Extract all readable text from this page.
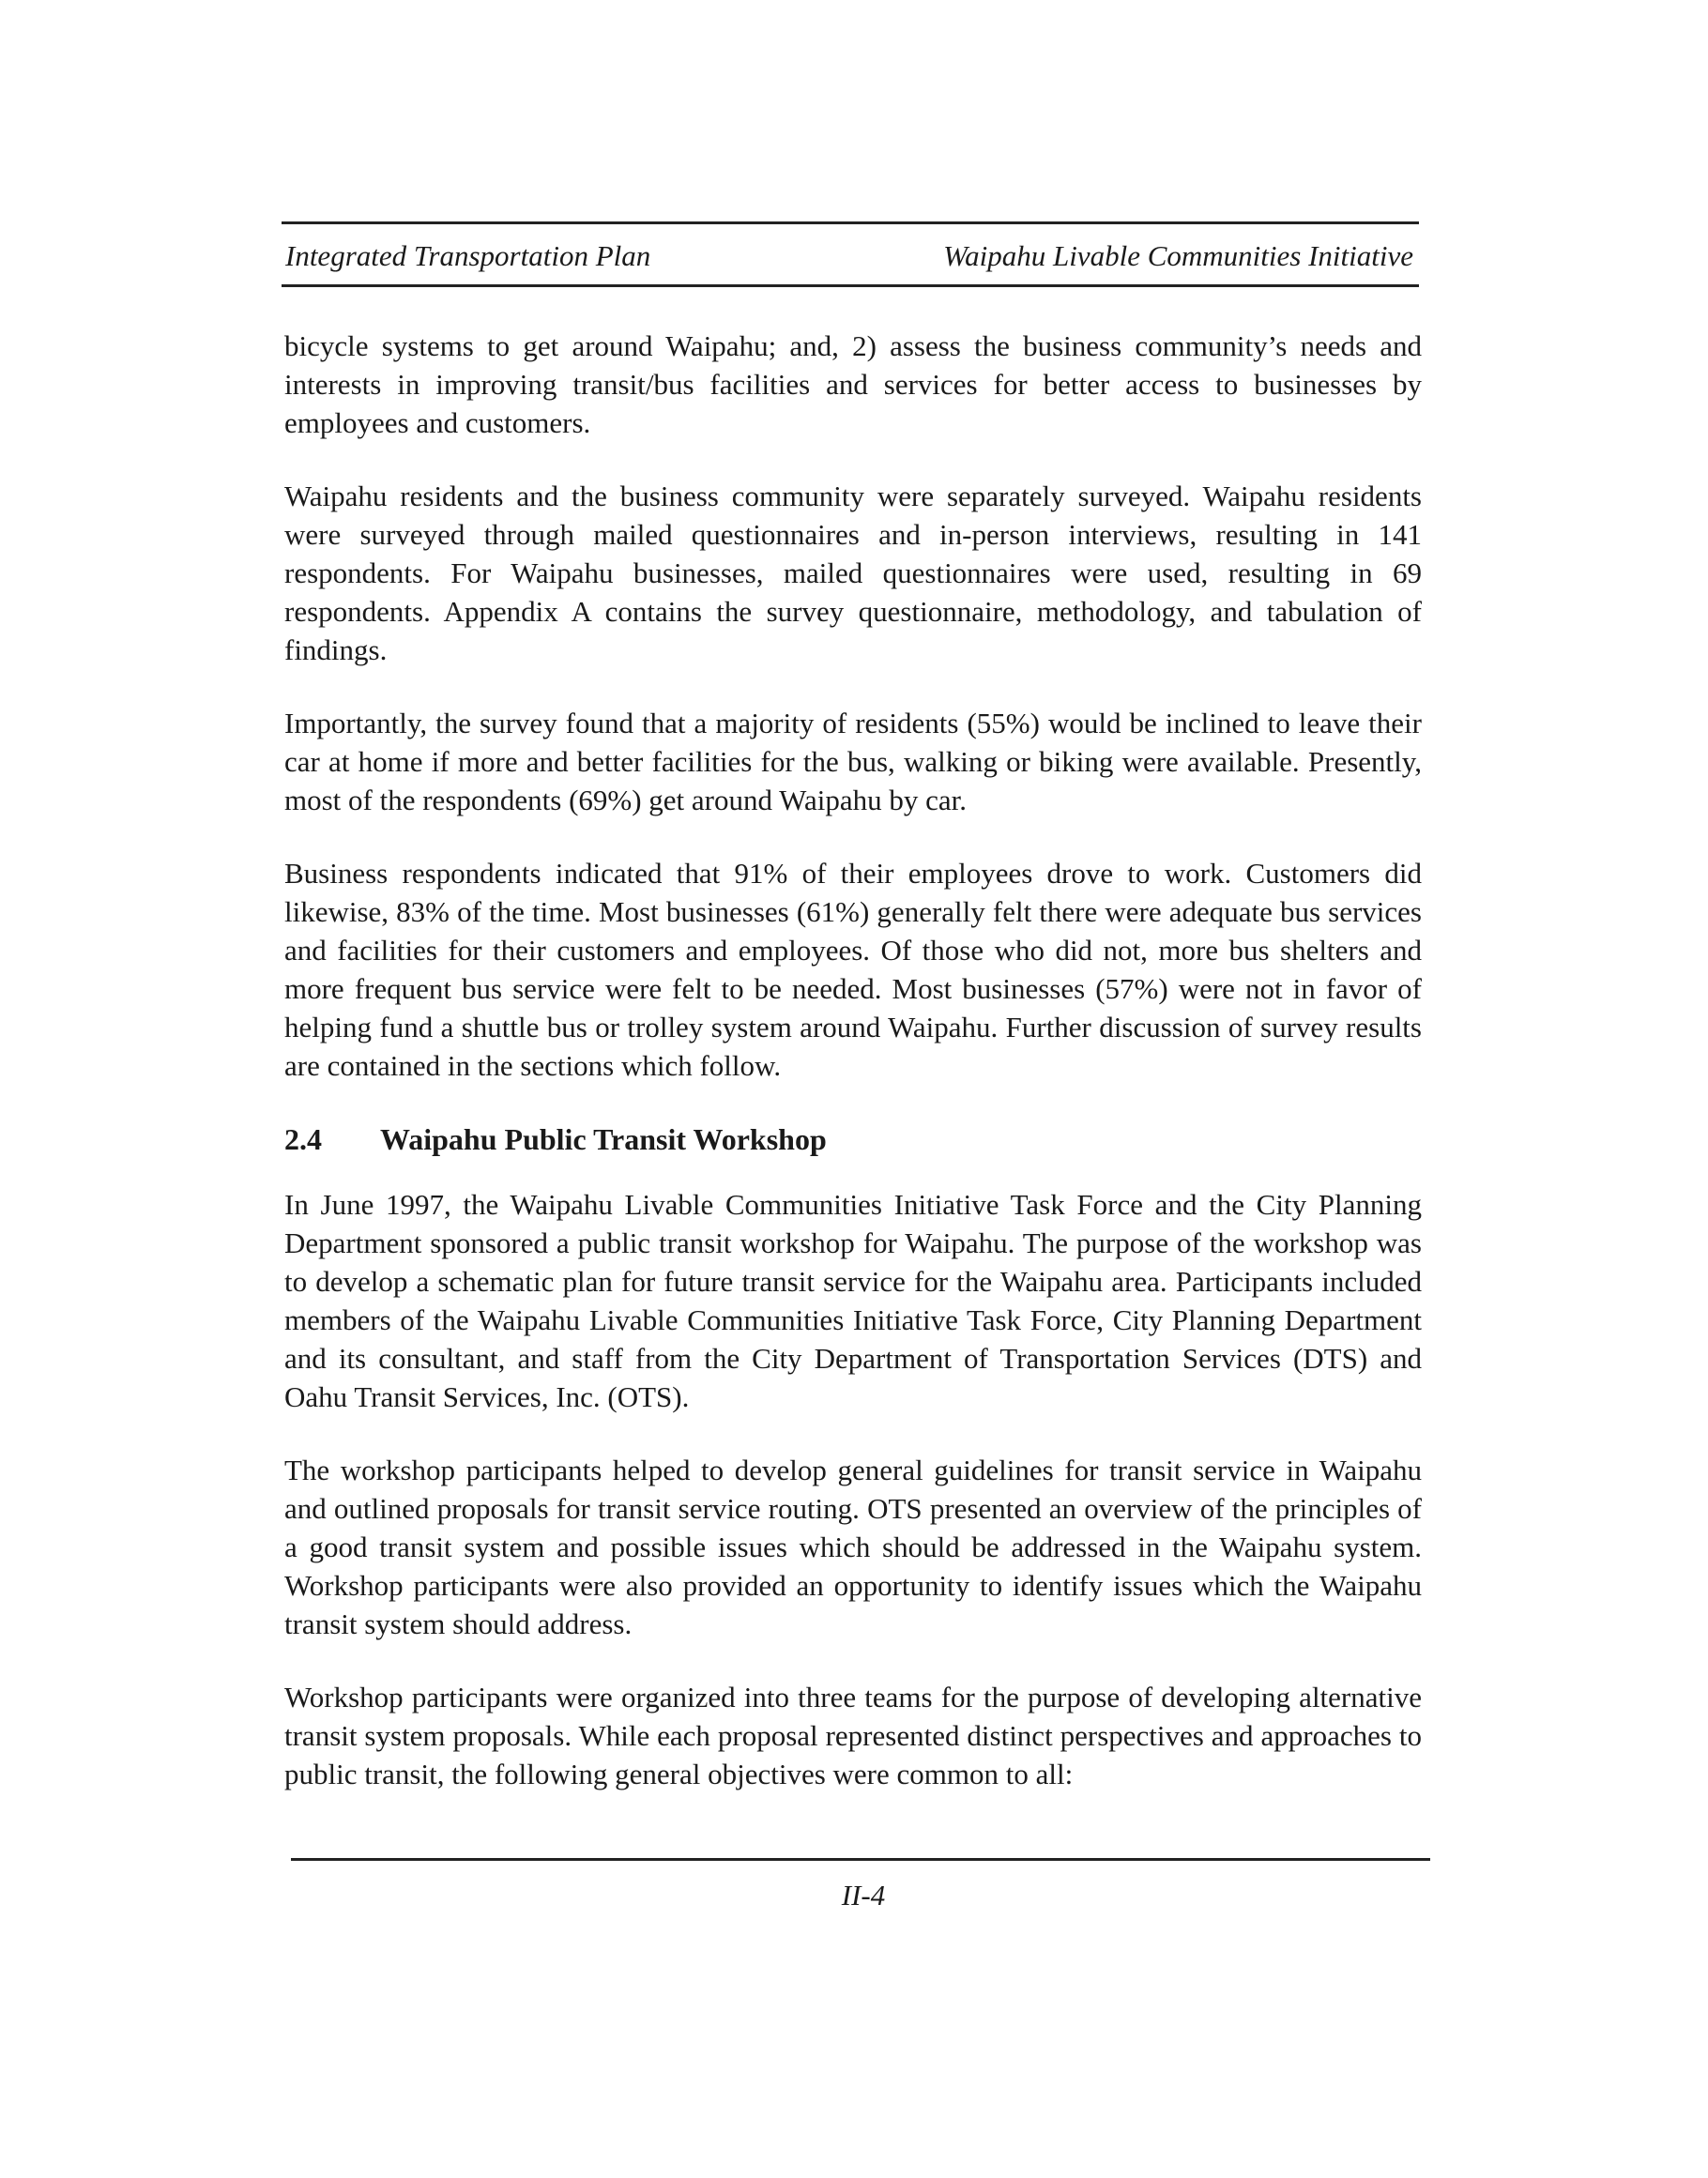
Integrated Transportation Plan	Waipahu Livable Communities Initiative

bicycle systems to get around Waipahu; and, 2) assess the business community’s needs and interests in improving transit/bus facilities and services for better access to businesses by employees and customers.

Waipahu residents and the business community were separately surveyed. Waipahu residents were surveyed through mailed questionnaires and in-person interviews, resulting in 141 respondents. For Waipahu businesses, mailed questionnaires were used, resulting in 69 respondents. Appendix A contains the survey questionnaire, methodology, and tabulation of findings.

Importantly, the survey found that a majority of residents (55%) would be inclined to leave their car at home if more and better facilities for the bus, walking or biking were available. Presently, most of the respondents (69%) get around Waipahu by car.

Business respondents indicated that 91% of their employees drove to work. Customers did likewise, 83% of the time. Most businesses (61%) generally felt there were adequate bus services and facilities for their customers and employees. Of those who did not, more bus shelters and more frequent bus service were felt to be needed. Most businesses (57%) were not in favor of helping fund a shuttle bus or trolley system around Waipahu. Further discussion of survey results are contained in the sections which follow.

2.4 Waipahu Public Transit Workshop

In June 1997, the Waipahu Livable Communities Initiative Task Force and the City Planning Department sponsored a public transit workshop for Waipahu. The purpose of the workshop was to develop a schematic plan for future transit service for the Waipahu area. Participants included members of the Waipahu Livable Communities Initiative Task Force, City Planning Department and its consultant, and staff from the City Department of Transportation Services (DTS) and Oahu Transit Services, Inc. (OTS).

The workshop participants helped to develop general guidelines for transit service in Waipahu and outlined proposals for transit service routing. OTS presented an overview of the principles of a good transit system and possible issues which should be addressed in the Waipahu system. Workshop participants were also provided an opportunity to identify issues which the Waipahu transit system should address.

Workshop participants were organized into three teams for the purpose of developing alternative transit system proposals. While each proposal represented distinct perspectives and approaches to public transit, the following general objectives were common to all:

II-4
